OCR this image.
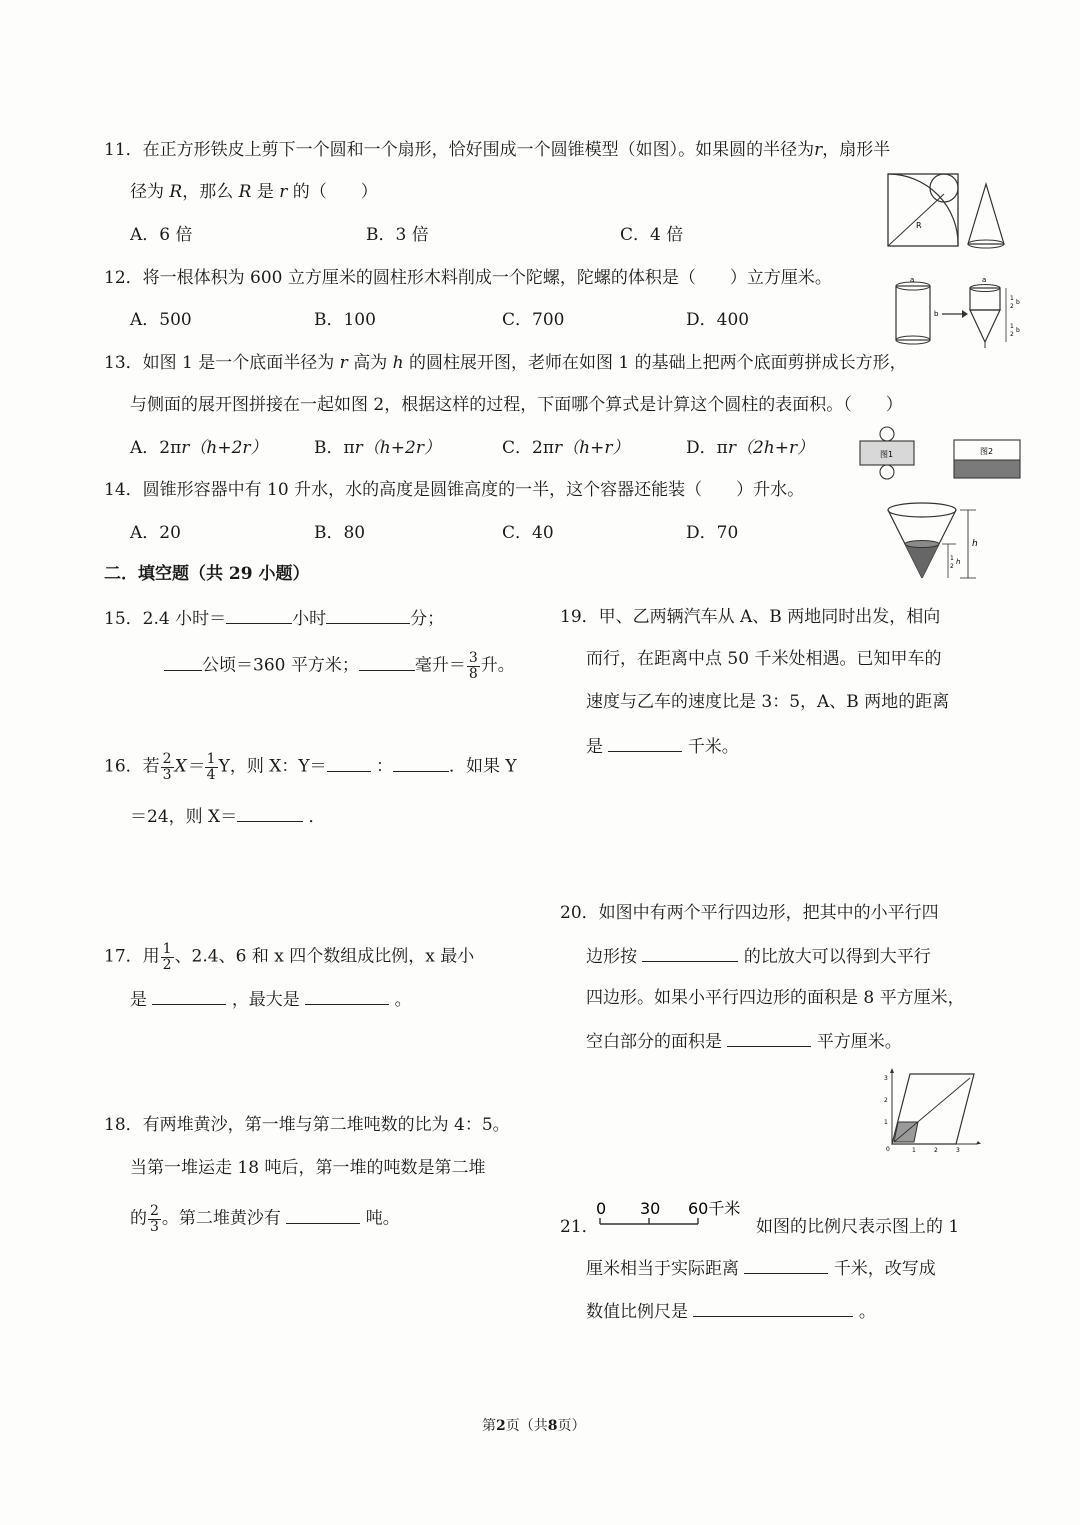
11．在正方形铁皮上剪下一个圆和一个扇形，恰好围成一个圆锥模型（如图）。如果圆的半径为r，扇形半
径为 R，那么 R 是 r 的（　　）
A．6 倍	B．3 倍	C．4 倍	R
12．将一根体积为 600 立方厘米的圆柱形木料削成一个陀螺，陀螺的体积是（　　）立方厘米。
A．500	B．100	C．700	D．400
a
b
a
1
2
b
1
2
b
13．如图 1 是一个底面半径为 r 高为 h 的圆柱展开图，老师在如图 1 的基础上把两个底面剪拼成长方形，
与侧面的展开图拼接在一起如图 2，根据这样的过程，下面哪个算式是计算这个圆柱的表面积。（　　）
A．2πr（h+2r）	B．πr（h+2r）	C．2πr（h+r）	D．πr（2h+r）	图1	图2
14．圆锥形容器中有 10 升水，水的高度是圆锥高度的一半，这个容器还能装（　　）升水。
A．20	B．80	C．40	D．70
h
1
2
h
二．填空题（共 29 小题）
15．2.4 小时＝	小时	分；
公顷＝360 平方米；	毫升＝ $\frac{3}{8}$ 升。
16．若 $\frac{2}{3} X= \frac{1}{4}$ Y，则 X：Y＝	：	．如果 Y
＝24，则 X＝	．
17．用 $\frac{1}{2}$ 、2.4、6 和 x 四个数组成比例，x 最小
是	，最大是	。
18．有两堆黄沙，第一堆与第二堆吨数的比为 4：5。
当第一堆运走 18 吨后，第一堆的吨数是第二堆
的 $\frac{2}{3}$ 。第二堆黄沙有	吨。
19．甲、乙两辆汽车从 A、B 两地同时出发，相向
而行，在距离中点 50 千米处相遇。已知甲车的
速度与乙车的速度比是 3：5，A、B 两地的距离
是	千米。
20．如图中有两个平行四边形，把其中的小平行四
边形按	的比放大可以得到大平行
四边形。如果小平行四边形的面积是 8 平方厘米，
空白部分的面积是	平方厘米。
1
2
3
0	1	2	3
21．
0 30 60千米
如图的比例尺表示图上的 1
厘米相当于实际距离	千米，改写成
数值比例尺是	。
第2页（共8页）
